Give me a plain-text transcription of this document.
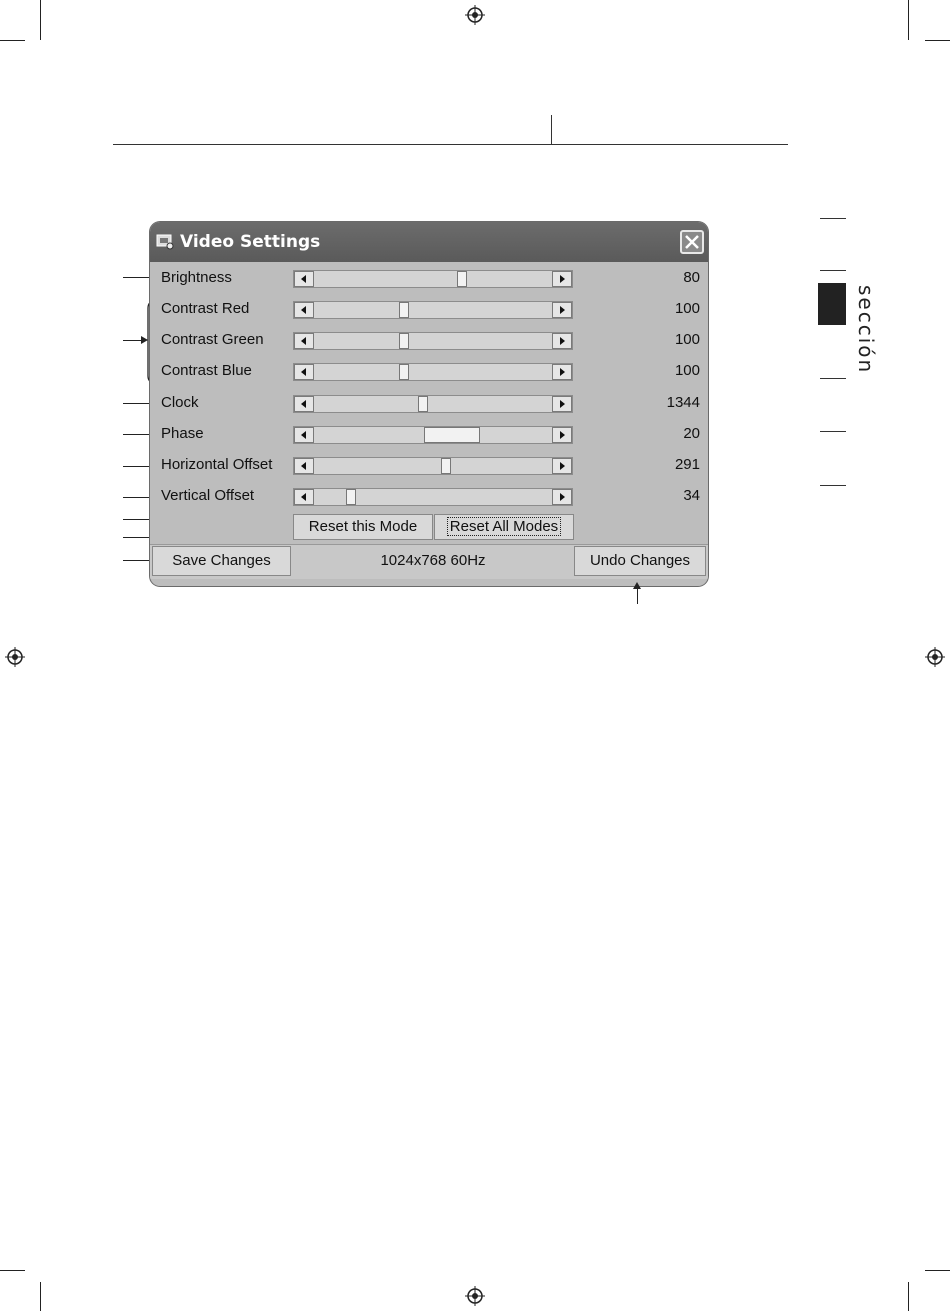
sección
Video Settings
Brightness	80
Contrast Red	100
Contrast Green	100
Contrast Blue	100
Clock	1344
Phase	20
Horizontal Offset	291
Vertical Offset	34
Reset this Mode	Reset All Modes
Save Changes	1024x768 60Hz	Undo Changes
